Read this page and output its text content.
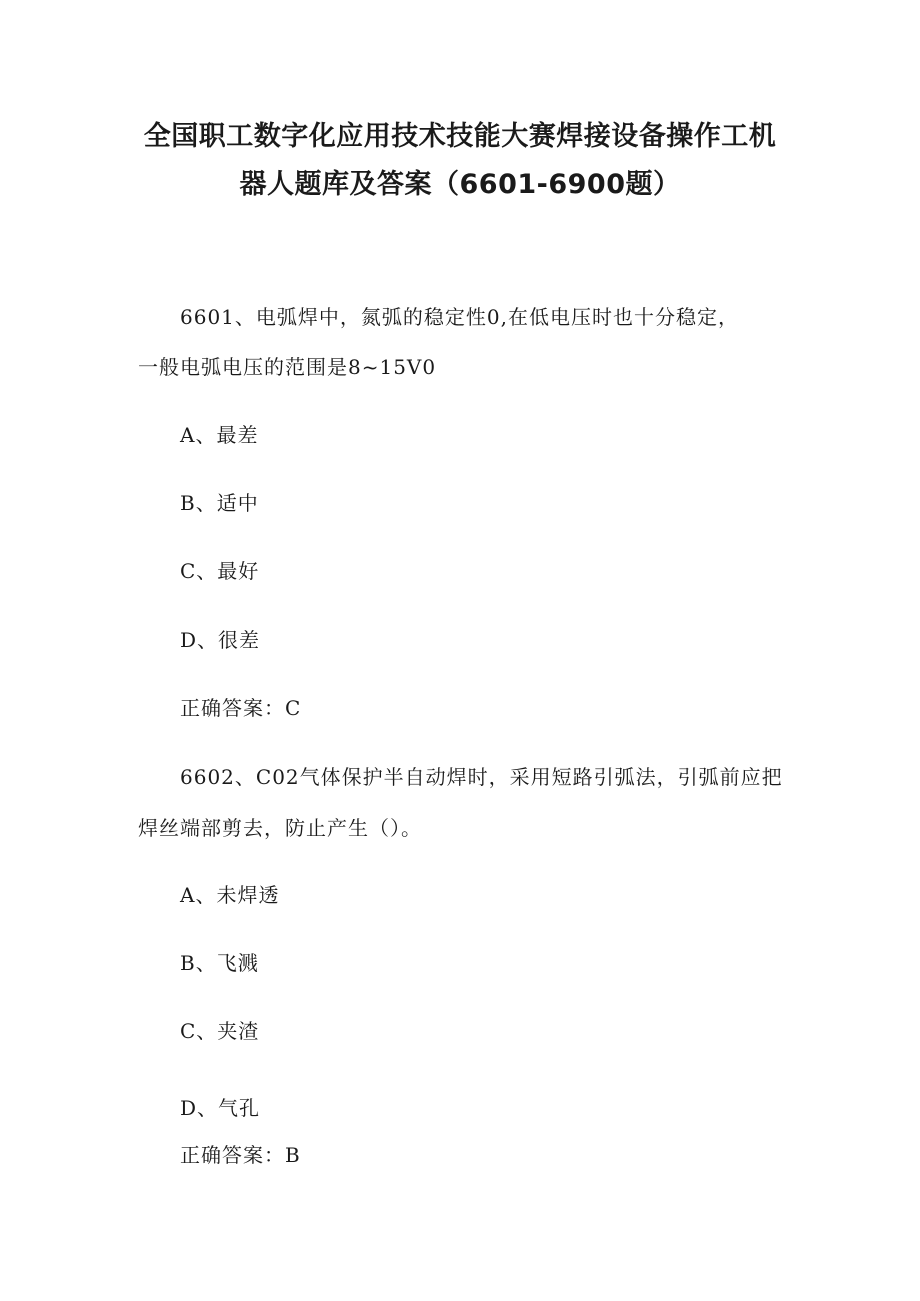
全国职工数字化应用技术技能大赛焊接设备操作工机
器人题库及答案（6601-6900题）
6601、电弧焊中，氮弧的稳定性0,在低电压时也十分稳定，
一般电弧电压的范围是8~15V0
A、最差
B、适中
C、最好
D、很差
正确答案：C
6602、C02气体保护半自动焊时，采用短路引弧法，引弧前应把
焊丝端部剪去，防止产生（）。
A、未焊透
B、飞溅
C、夹渣
D、气孔
正确答案：B
